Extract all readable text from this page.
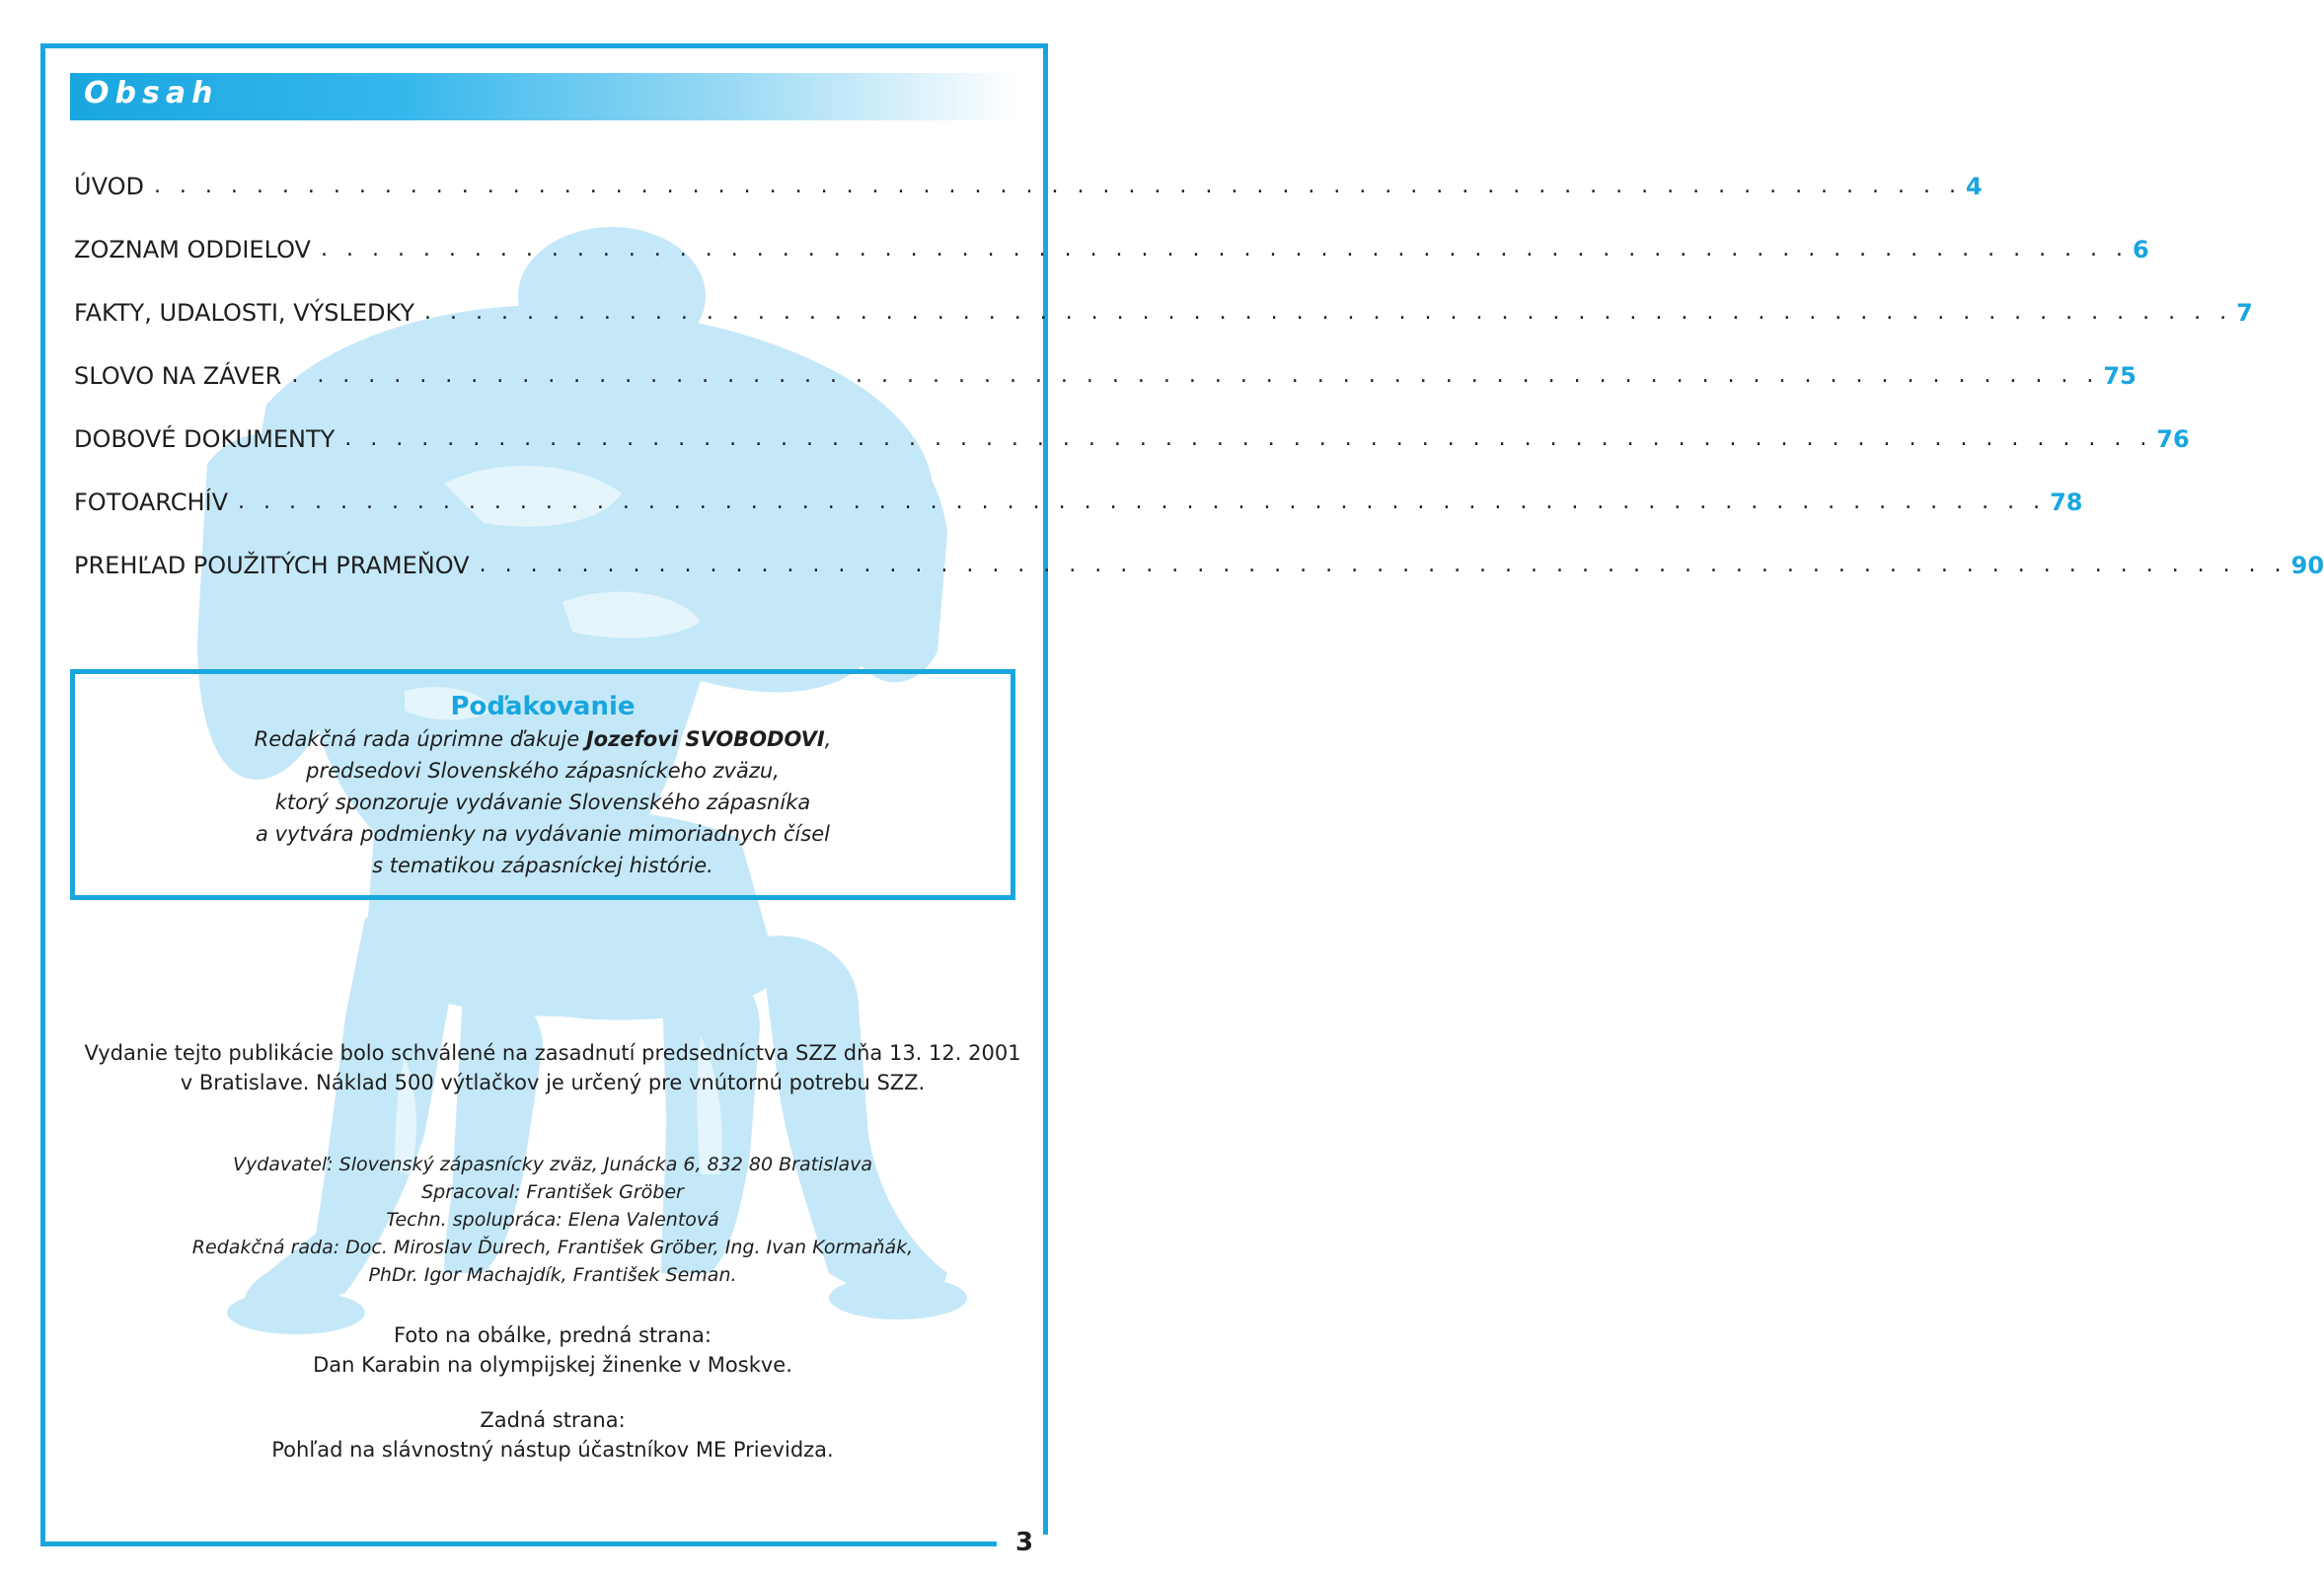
Obsah
ÚVOD . . . . . . . . . . . . . . . . . . . . . . . . . . . . . . . . . . . . . . . . . . . . . . . . . . . . . . . . . . . . . . . . . . . . . . . 4
ZOZNAM ODDIELOV . . . . . . . . . . . . . . . . . . . . . . . . . . . . . . . . . . . . . . . . . . . . . . . . . . . . . . . . . . . . . . . . . . . . . . . 6
FAKTY, UDALOSTI, VÝSLEDKY . . . . . . . . . . . . . . . . . . . . . . . . . . . . . . . . . . . . . . . . . . . . . . . . . . . . . . . . . . . . . . . . . . . . . . . 7
SLOVO NA ZÁVER . . . . . . . . . . . . . . . . . . . . . . . . . . . . . . . . . . . . . . . . . . . . . . . . . . . . . . . . . . . . . . . . . . . . . . . 75
DOBOVÉ DOKUMENTY . . . . . . . . . . . . . . . . . . . . . . . . . . . . . . . . . . . . . . . . . . . . . . . . . . . . . . . . . . . . . . . . . . . . . . . 76
FOTOARCHÍV . . . . . . . . . . . . . . . . . . . . . . . . . . . . . . . . . . . . . . . . . . . . . . . . . . . . . . . . . . . . . . . . . . . . . . . 78
PREHĽAD POUŽITÝCH PRAMEŇOV . . . . . . . . . . . . . . . . . . . . . . . . . . . . . . . . . . . . . . . . . . . . . . . . . . . . . . . . . . . . . . . . . . . . . . . 90
Poďakovanie
Redakčná rada úprimne ďakuje Jozefovi SVOBODOVI,
predsedovi Slovenského zápasníckeho zväzu,
ktorý sponzoruje vydávanie Slovenského zápasníka
a vytvára podmienky na vydávanie mimoriadnych čísel
s tematikou zápasníckej histórie.
Vydanie tejto publikácie bolo schválené na zasadnutí predsedníctva SZZ dňa 13. 12. 2001
v Bratislave. Náklad 500 výtlačkov je určený pre vnútornú potrebu SZZ.
Vydavateľ: Slovenský zápasnícky zväz, Junácka 6, 832 80 Bratislava
Spracoval: František Gröber
Techn. spolupráca: Elena Valentová
Redakčná rada: Doc. Miroslav Ďurech, František Gröber, Ing. Ivan Kormaňák,
PhDr. Igor Machajdík, František Seman.
Foto na obálke, predná strana:
Dan Karabin na olympijskej žinenke v Moskve.
Zadná strana:
Pohľad na slávnostný nástup účastníkov ME Prievidza.
3
